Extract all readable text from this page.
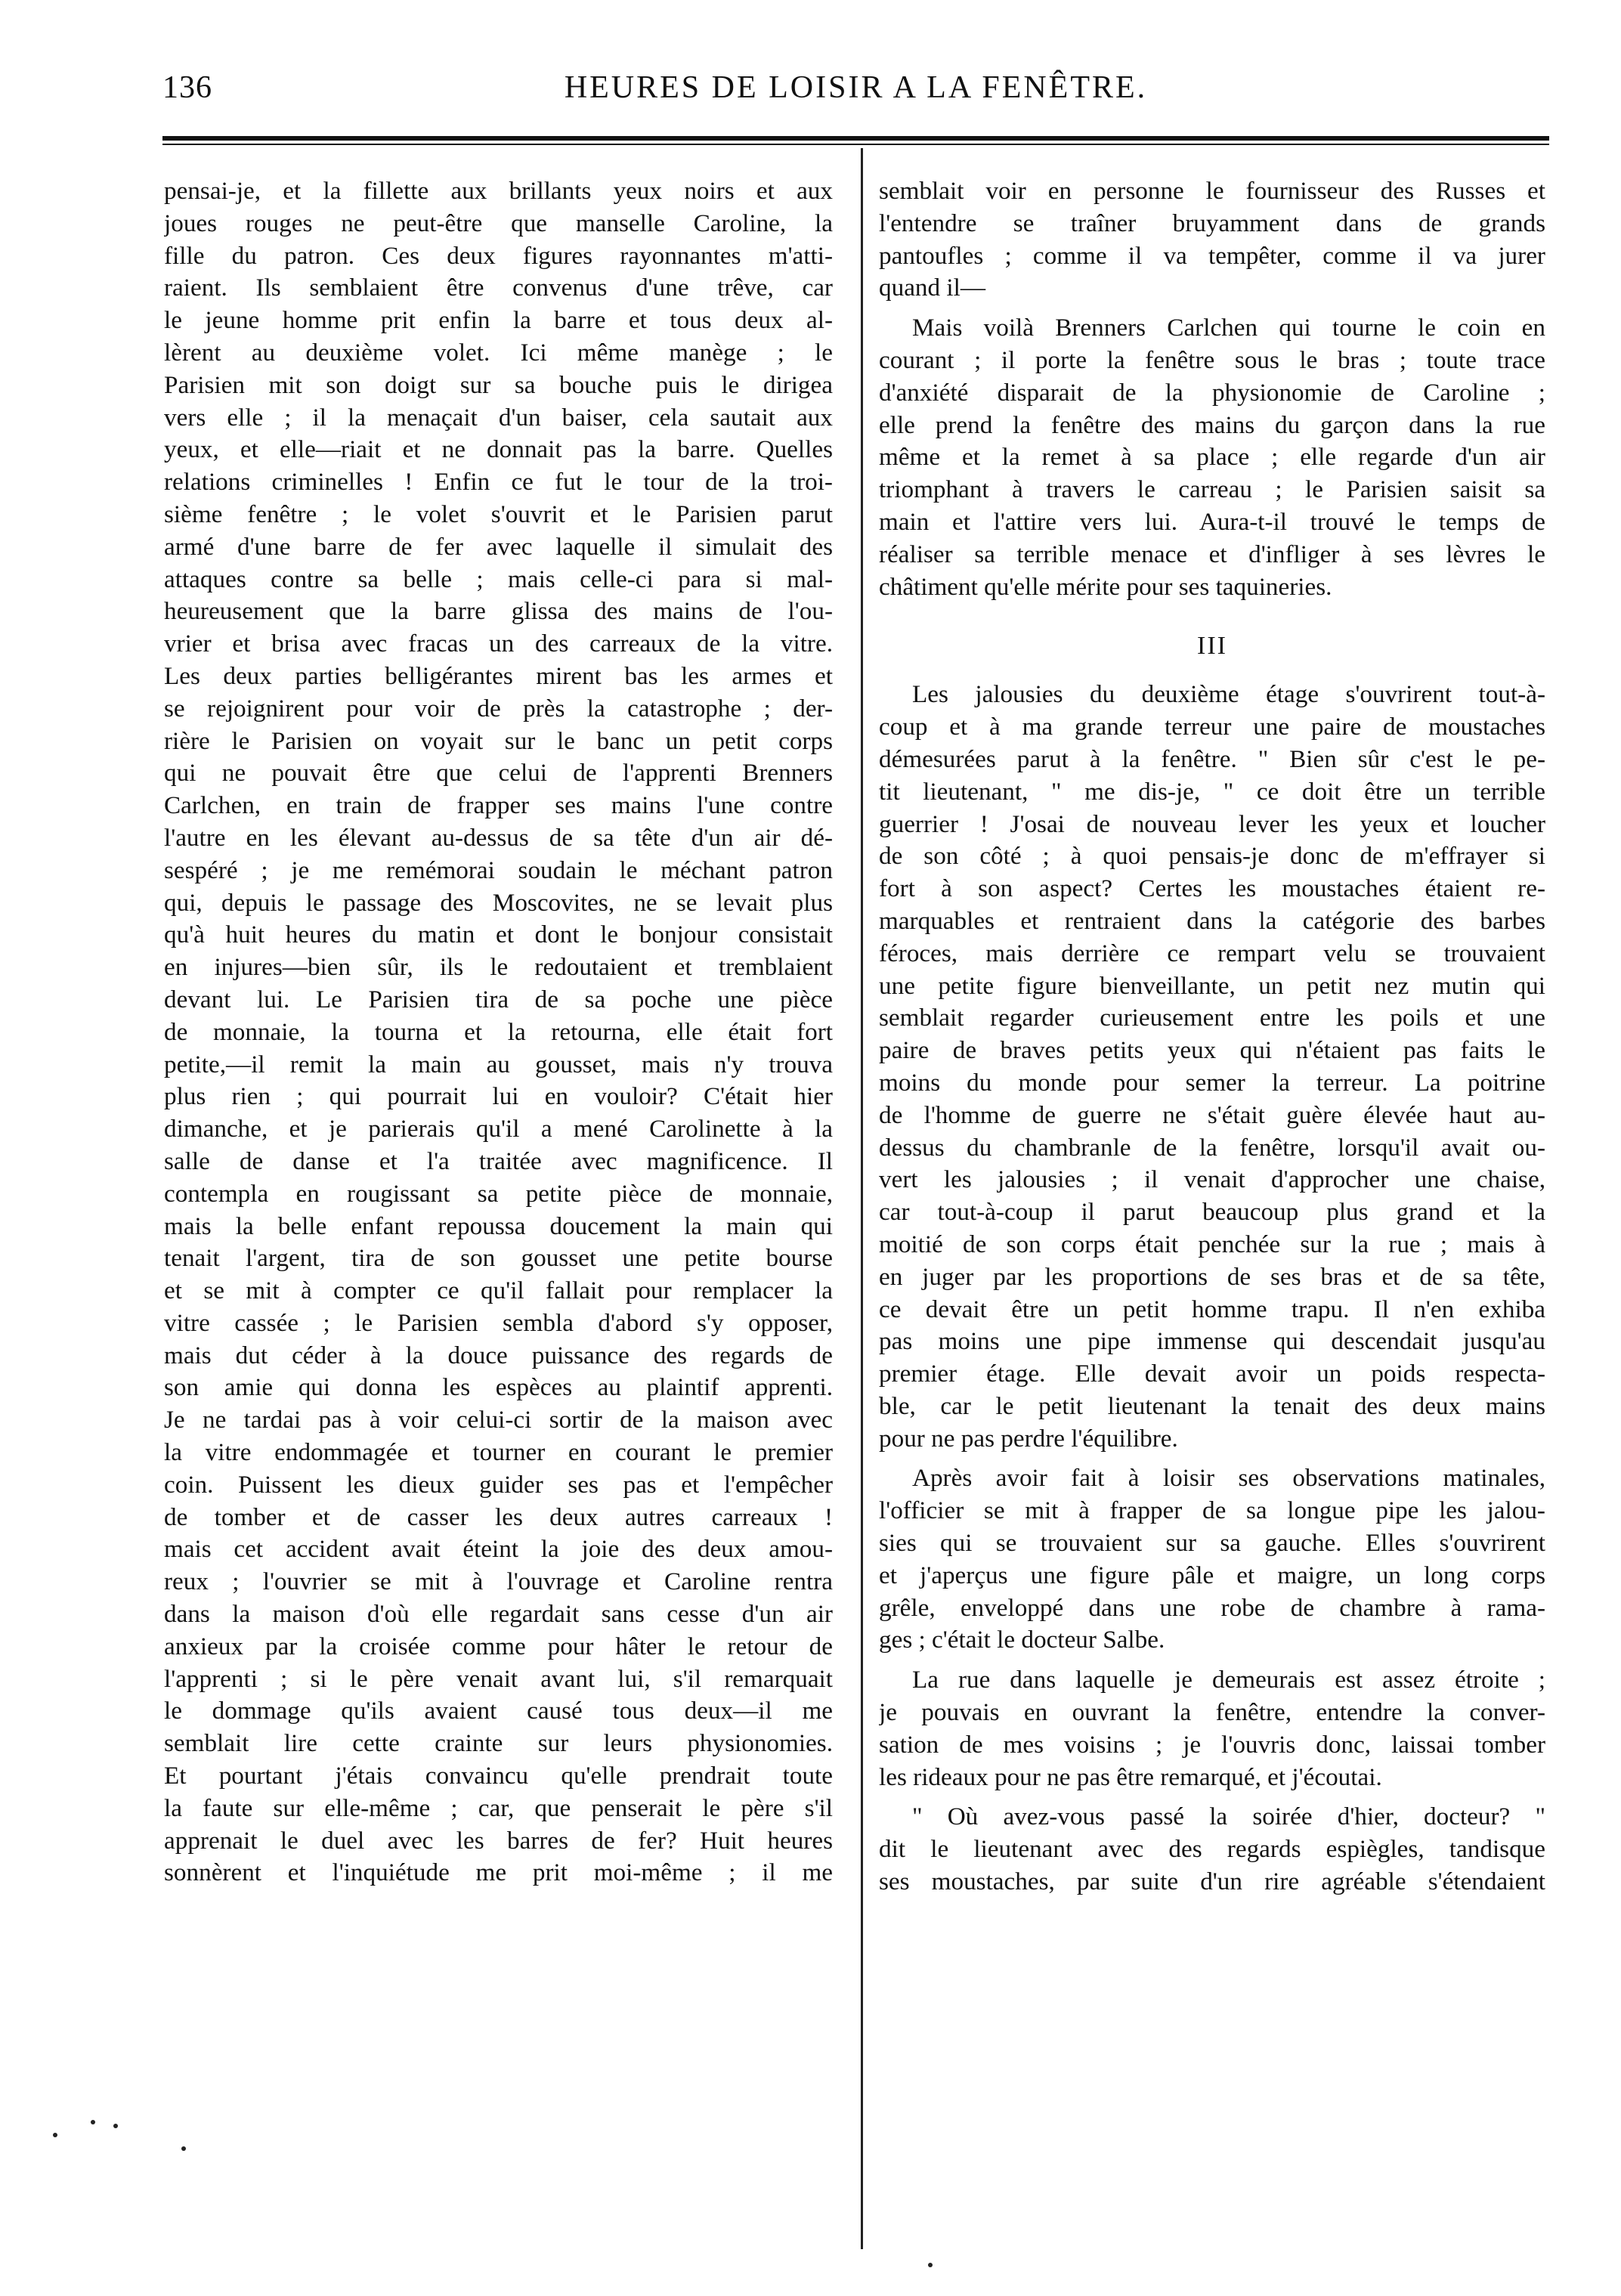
136	HEURES DE LOISIR A LA FENÊTRE.
pensai-je, et la fillette aux brillants yeux noirs et aux
joues rouges ne peut-être que manselle Caroline, la
fille du patron. Ces deux figures rayonnantes m'atti-
raient. Ils semblaient être convenus d'une trêve, car
le jeune homme prit enfin la barre et tous deux al-
lèrent au deuxième volet. Ici même manège ; le
Parisien mit son doigt sur sa bouche puis le dirigea
vers elle ; il la menaçait d'un baiser, cela sautait aux
yeux, et elle—riait et ne donnait pas la barre. Quelles
relations criminelles ! Enfin ce fut le tour de la troi-
sième fenêtre ; le volet s'ouvrit et le Parisien parut
armé d'une barre de fer avec laquelle il simulait des
attaques contre sa belle ; mais celle-ci para si mal-
heureusement que la barre glissa des mains de l'ou-
vrier et brisa avec fracas un des carreaux de la vitre.
Les deux parties belligérantes mirent bas les armes et
se rejoignirent pour voir de près la catastrophe ; der-
rière le Parisien on voyait sur le banc un petit corps
qui ne pouvait être que celui de l'apprenti Brenners
Carlchen, en train de frapper ses mains l'une contre
l'autre en les élevant au-dessus de sa tête d'un air dé-
sespéré ; je me remémorai soudain le méchant patron
qui, depuis le passage des Moscovites, ne se levait plus
qu'à huit heures du matin et dont le bonjour consistait
en injures—bien sûr, ils le redoutaient et tremblaient
devant lui. Le Parisien tira de sa poche une pièce
de monnaie, la tourna et la retourna, elle était fort
petite,—il remit la main au gousset, mais n'y trouva
plus rien ; qui pourrait lui en vouloir? C'était hier
dimanche, et je parierais qu'il a mené Carolinette à la
salle de danse et l'a traitée avec magnificence. Il
contempla en rougissant sa petite pièce de monnaie,
mais la belle enfant repoussa doucement la main qui
tenait l'argent, tira de son gousset une petite bourse
et se mit à compter ce qu'il fallait pour remplacer la
vitre cassée ; le Parisien sembla d'abord s'y opposer,
mais dut céder à la douce puissance des regards de
son amie qui donna les espèces au plaintif apprenti.
Je ne tardai pas à voir celui-ci sortir de la maison avec
la vitre endommagée et tourner en courant le premier
coin. Puissent les dieux guider ses pas et l'empêcher
de tomber et de casser les deux autres carreaux !
mais cet accident avait éteint la joie des deux amou-
reux ; l'ouvrier se mit à l'ouvrage et Caroline rentra
dans la maison d'où elle regardait sans cesse d'un air
anxieux par la croisée comme pour hâter le retour de
l'apprenti ; si le père venait avant lui, s'il remarquait
le dommage qu'ils avaient causé tous deux—il me
semblait lire cette crainte sur leurs physionomies.
Et pourtant j'étais convaincu qu'elle prendrait toute
la faute sur elle-même ; car, que penserait le père s'il
apprenait le duel avec les barres de fer? Huit heures
sonnèrent et l'inquiétude me prit moi-même ; il me
semblait voir en personne le fournisseur des Russes et
l'entendre se traîner bruyamment dans de grands
pantoufles ; comme il va tempêter, comme il va jurer
quand il—
Mais voilà Brenners Carlchen qui tourne le coin en
courant ; il porte la fenêtre sous le bras ; toute trace
d'anxiété disparait de la physionomie de Caroline ;
elle prend la fenêtre des mains du garçon dans la rue
même et la remet à sa place ; elle regarde d'un air
triomphant à travers le carreau ; le Parisien saisit sa
main et l'attire vers lui. Aura-t-il trouvé le temps de
réaliser sa terrible menace et d'infliger à ses lèvres le
châtiment qu'elle mérite pour ses taquineries.
III
Les jalousies du deuxième étage s'ouvrirent tout-à-
coup et à ma grande terreur une paire de moustaches
démesurées parut à la fenêtre. " Bien sûr c'est le pe-
tit lieutenant, " me dis-je, " ce doit être un terrible
guerrier ! J'osai de nouveau lever les yeux et loucher
de son côté ; à quoi pensais-je donc de m'effrayer si
fort à son aspect? Certes les moustaches étaient re-
marquables et rentraient dans la catégorie des barbes
féroces, mais derrière ce rempart velu se trouvaient
une petite figure bienveillante, un petit nez mutin qui
semblait regarder curieusement entre les poils et une
paire de braves petits yeux qui n'étaient pas faits le
moins du monde pour semer la terreur. La poitrine
de l'homme de guerre ne s'était guère élevée haut au-
dessus du chambranle de la fenêtre, lorsqu'il avait ou-
vert les jalousies ; il venait d'approcher une chaise,
car tout-à-coup il parut beaucoup plus grand et la
moitié de son corps était penchée sur la rue ; mais à
en juger par les proportions de ses bras et de sa tête,
ce devait être un petit homme trapu. Il n'en exhiba
pas moins une pipe immense qui descendait jusqu'au
premier étage. Elle devait avoir un poids respecta-
ble, car le petit lieutenant la tenait des deux mains
pour ne pas perdre l'équilibre.
Après avoir fait à loisir ses observations matinales,
l'officier se mit à frapper de sa longue pipe les jalou-
sies qui se trouvaient sur sa gauche. Elles s'ouvrirent
et j'aperçus une figure pâle et maigre, un long corps
grêle, enveloppé dans une robe de chambre à rama-
ges ; c'était le docteur Salbe.
La rue dans laquelle je demeurais est assez étroite ;
je pouvais en ouvrant la fenêtre, entendre la conver-
sation de mes voisins ; je l'ouvris donc, laissai tomber
les rideaux pour ne pas être remarqué, et j'écoutai.
" Où avez-vous passé la soirée d'hier, docteur? "
dit le lieutenant avec des regards espiègles, tandisque
ses moustaches, par suite d'un rire agréable s'étendaient
